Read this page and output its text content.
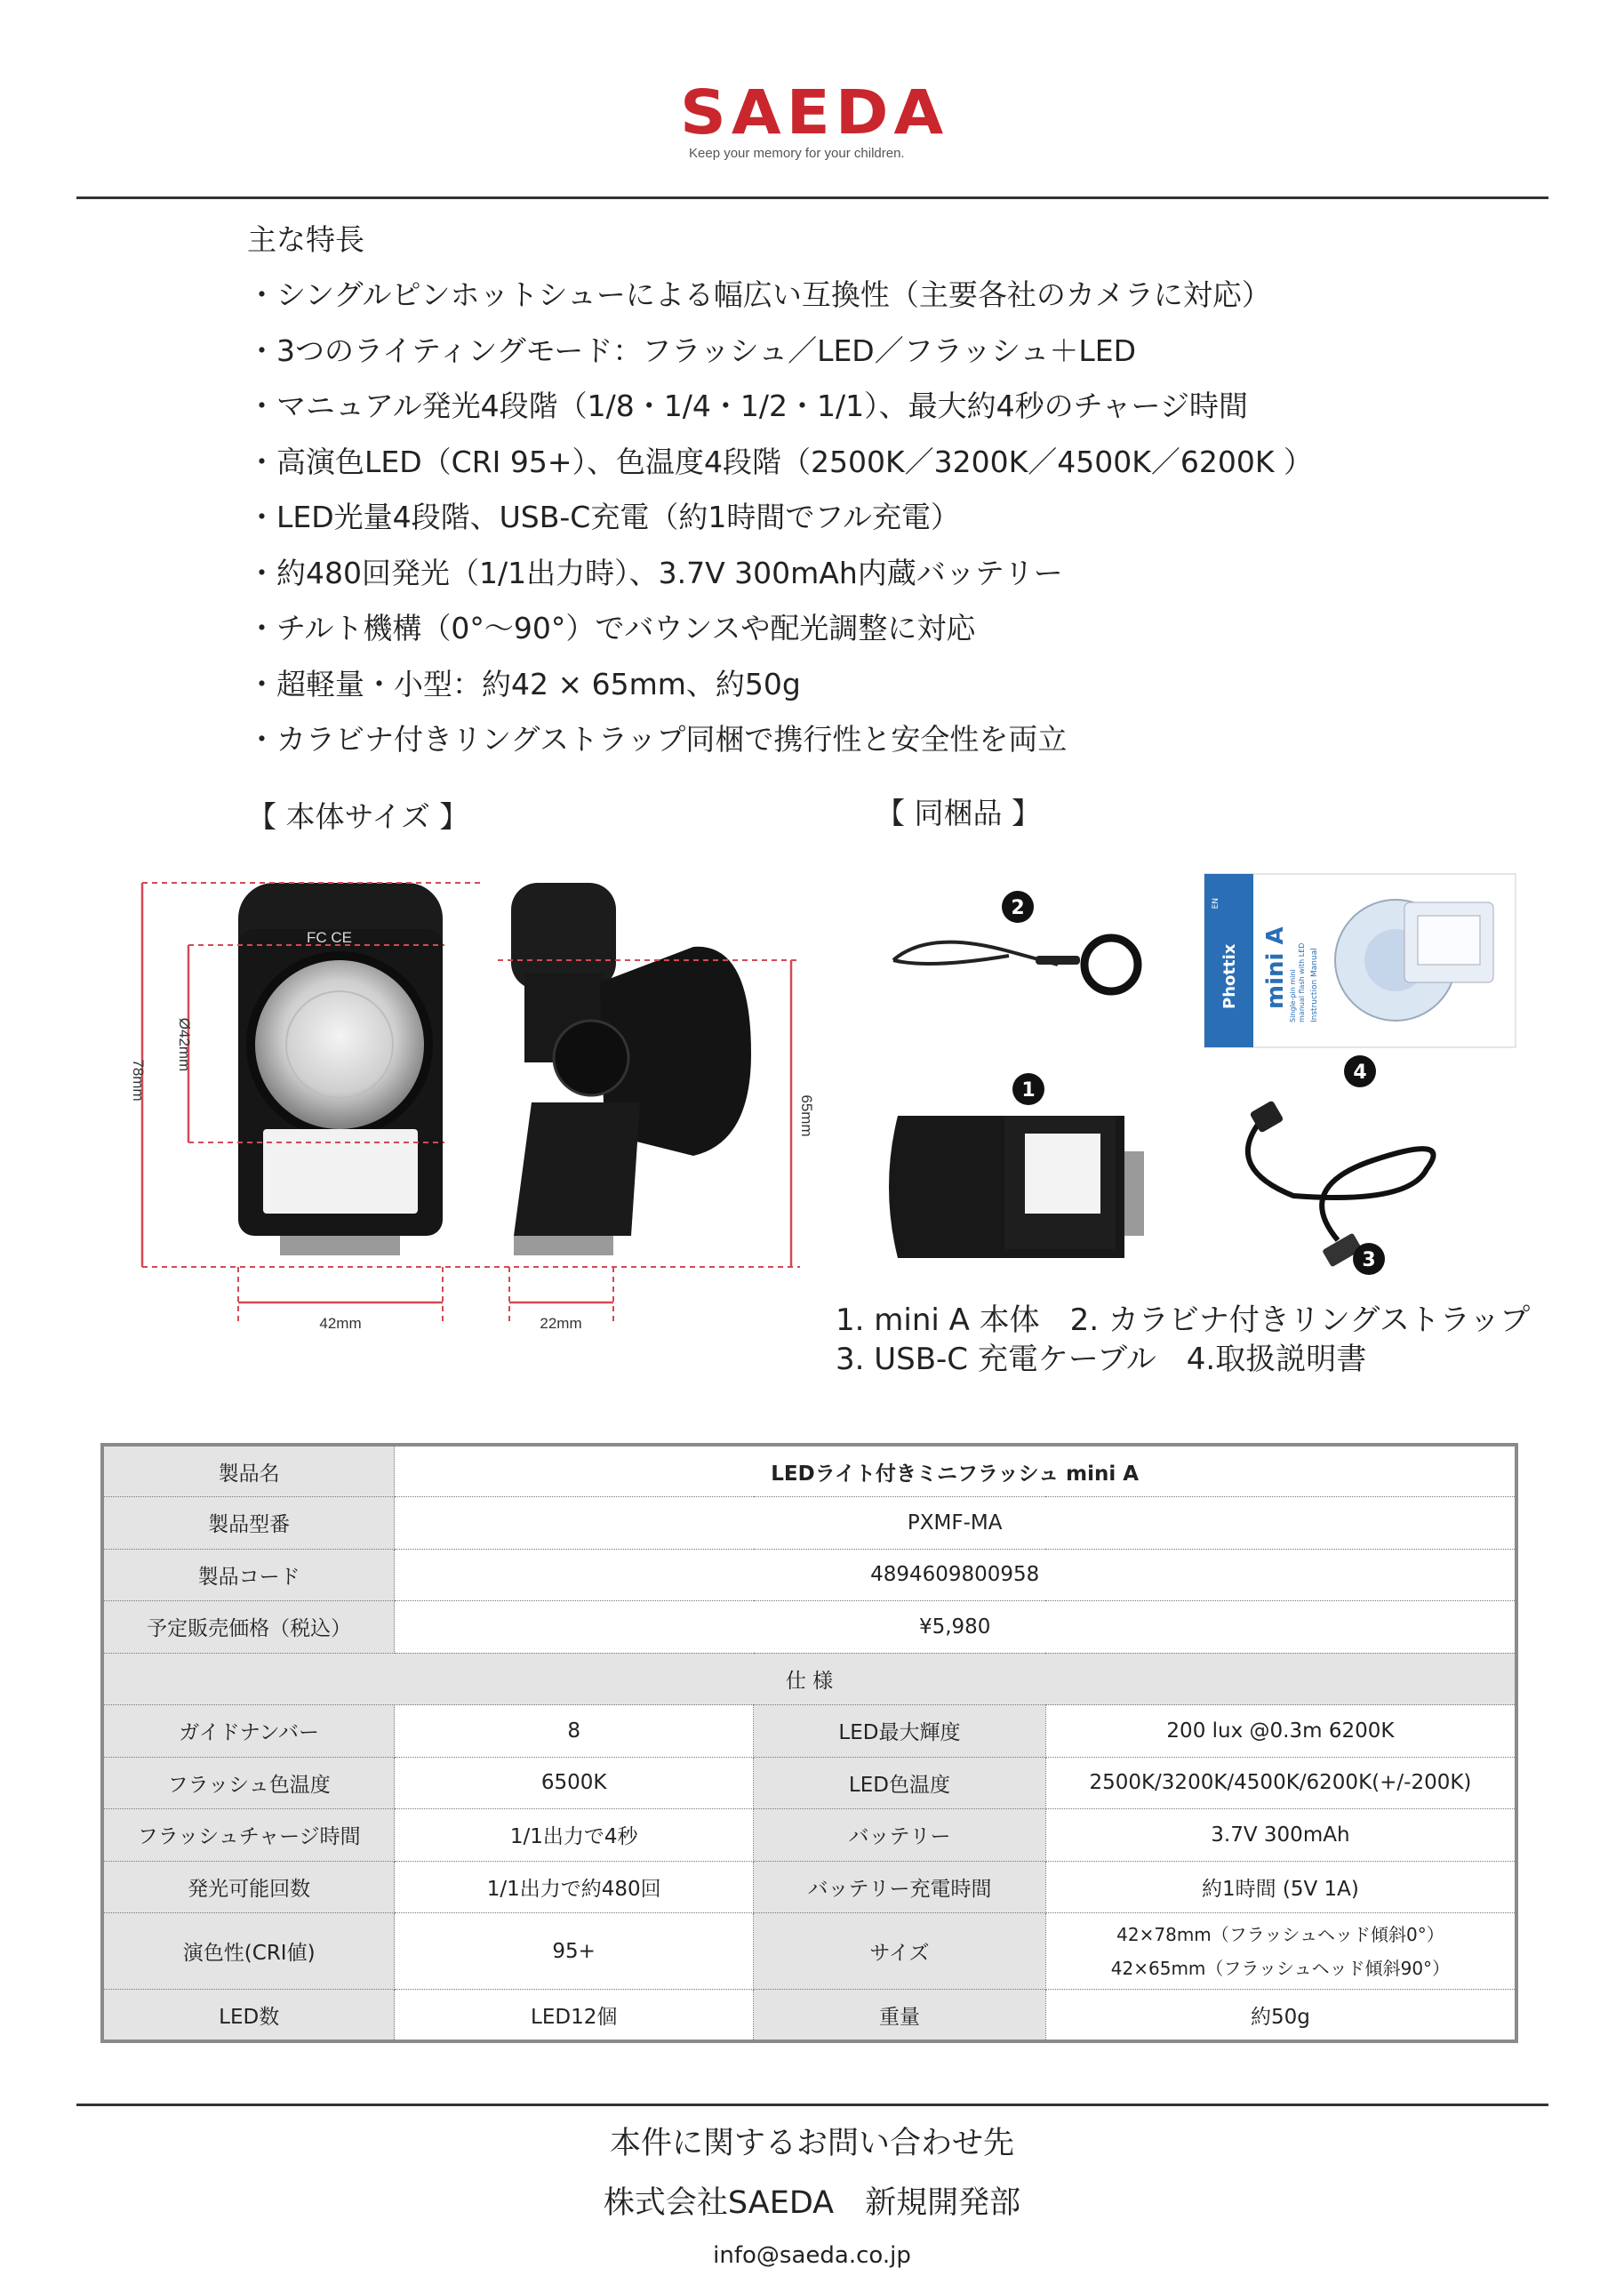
SAEDA
Keep your memory for your children.
主な特長
・シングルピンホットシューによる幅広い互換性（主要各社のカメラに対応）
・3つのライティングモード：フラッシュ／LED／フラッシュ＋LED
・マニュアル発光4段階（1/8・1/4・1/2・1/1）、最大約4秒のチャージ時間
・高演色LED（CRI 95+）、色温度4段階（2500K／3200K／4500K／6200K ）
・LED光量4段階、USB-C充電（約1時間でフル充電）
・約480回発光（1/1出力時）、3.7V 300mAh内蔵バッテリー
・チルト機構（0°～90°）でバウンスや配光調整に対応
・超軽量・小型：約42 × 65mm、約50g
・カラビナ付きリングストラップ同梱で携行性と安全性を両立
【 本体サイズ 】	【 同梱品 】
FC CE
78mm
Ø42mm
65mm
42mm	22mm
2
Phottix
EN
mini A Single-pin mini manual flash with LED Instruction Manual
4
1
3
1. mini A 本体　2. カラビナ付きリングストラップ
3. USB-C 充電ケーブル　4.取扱説明書
製品名	LEDライト付きミニフラッシュ mini A		
製品型番	PXMF-MA		
製品コード	4894609800958		
予定販売価格（税込）	¥5,980		
仕 様			
ガイドナンバー	8	LED最大輝度	200 lux @0.3m 6200K
フラッシュ色温度	6500K	LED色温度	2500K/3200K/4500K/6200K(+/-200K)
フラッシュチャージ時間	1/1出力で4秒	バッテリー	3.7V 300mAh
発光可能回数	1/1出力で約480回	バッテリー充電時間	約1時間 (5V 1A)
演色性(CRI値)	95+	サイズ	42×78mm（フラッシュヘッド傾斜0°）
42×65mm（フラッシュヘッド傾斜90°）

LED数	LED12個	重量	約50g
本件に関するお問い合わせ先
株式会社SAEDA　新規開発部
info@saeda.co.jp
